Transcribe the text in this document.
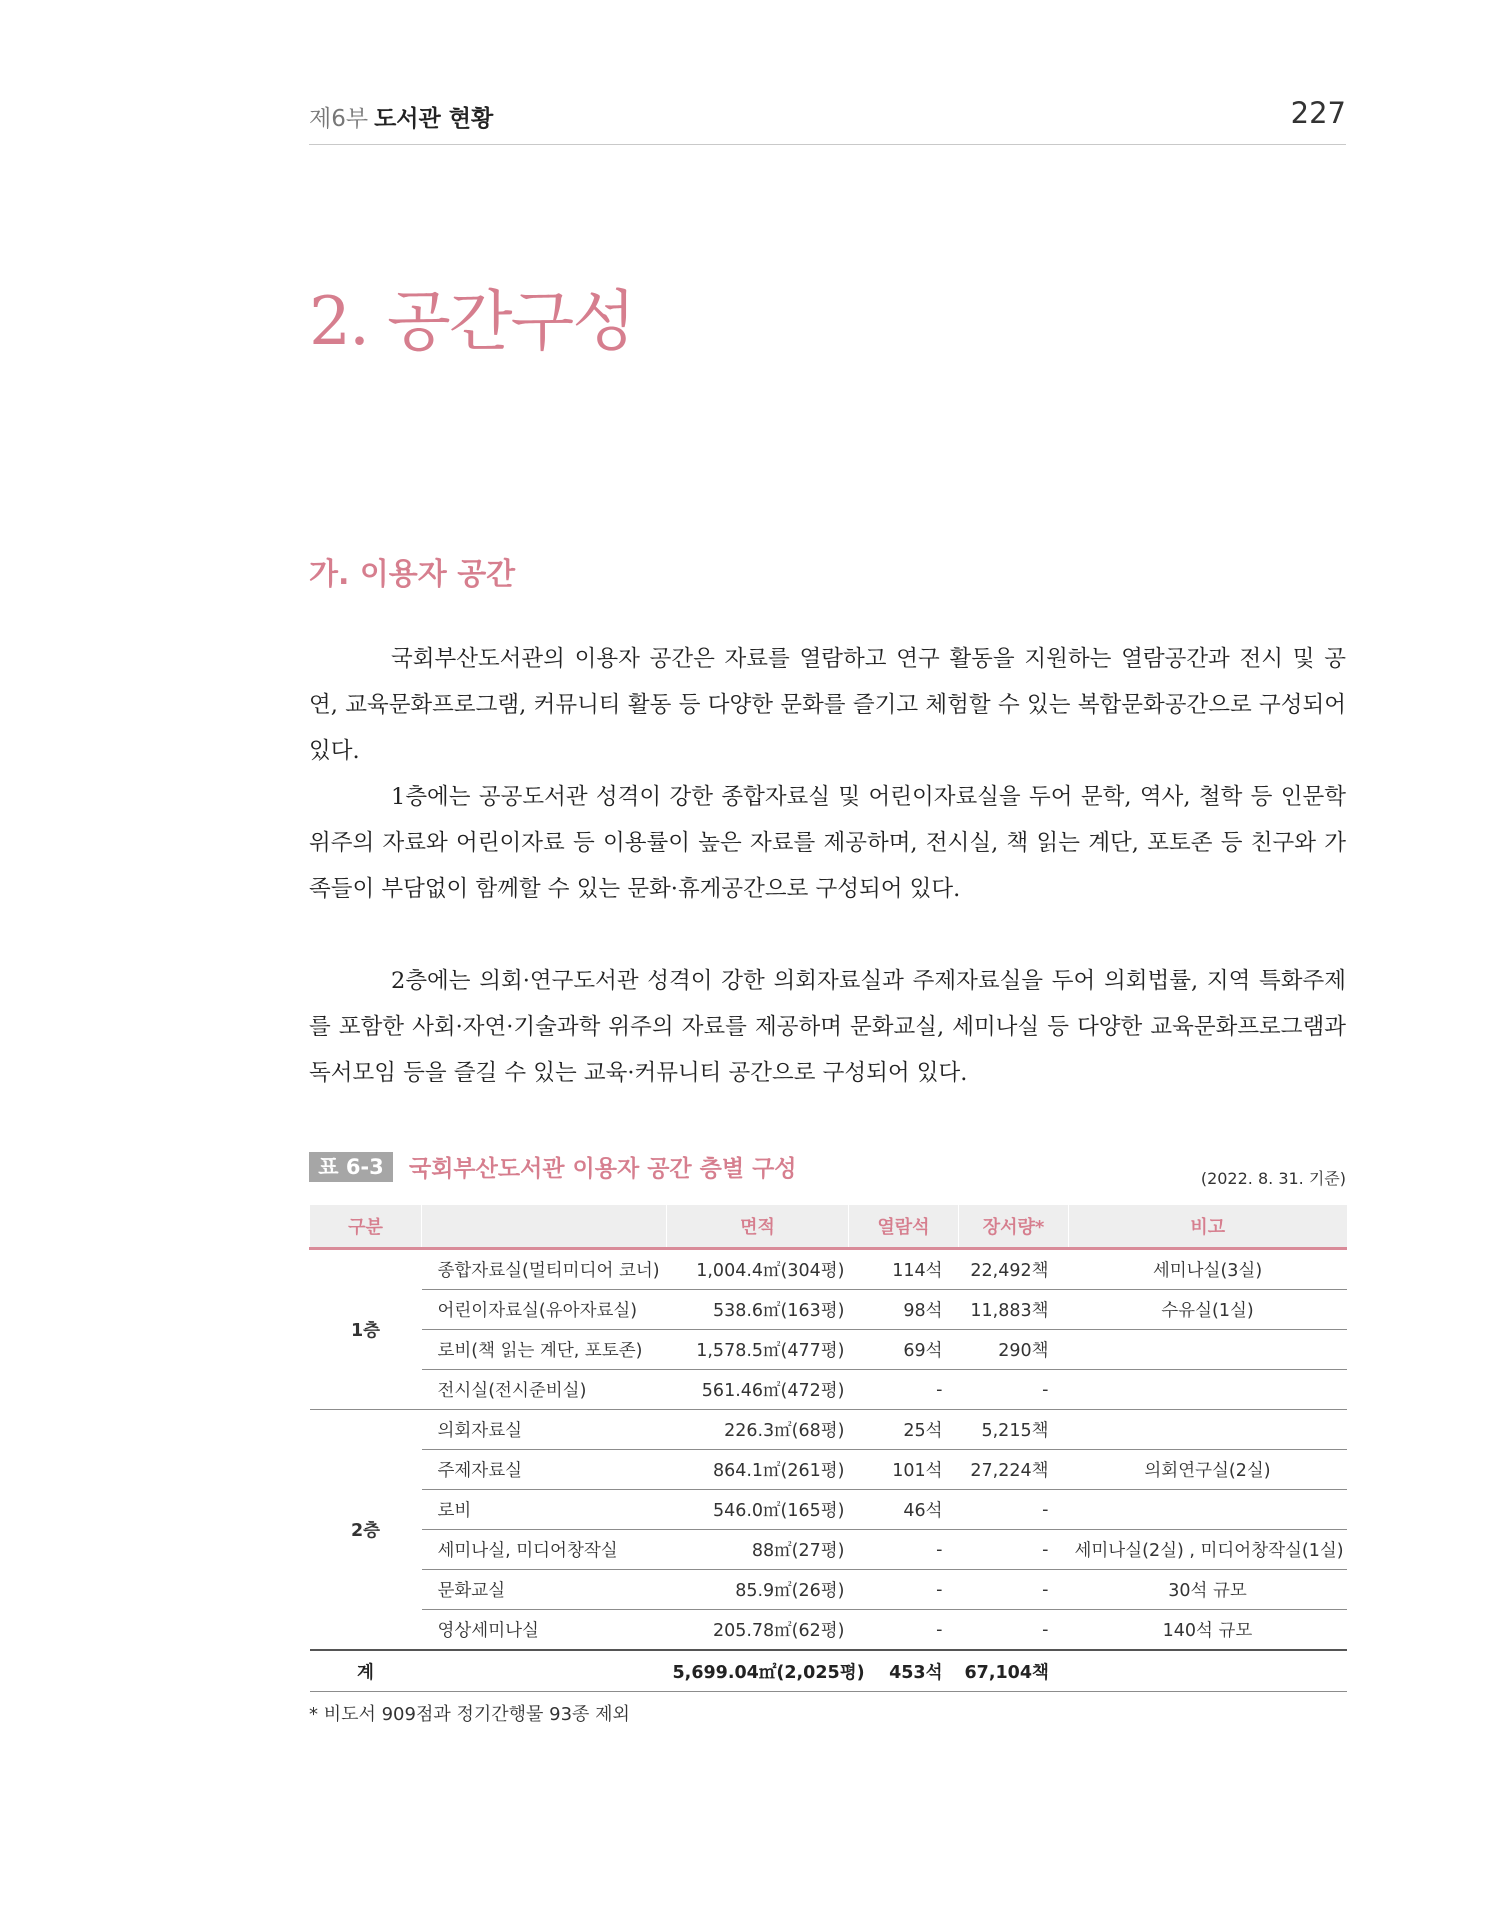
제6부 도서관 현황	227
2. 공간구성
가. 이용자 공간
국회부산도서관의 이용자 공간은 자료를 열람하고 연구 활동을 지원하는 열람공간과 전시 및 공연, 교육문화프로그램, 커뮤니티 활동 등 다양한 문화를 즐기고 체험할 수 있는 복합문화공간으로 구성되어 있다.
1층에는 공공도서관 성격이 강한 종합자료실 및 어린이자료실을 두어 문학, 역사, 철학 등 인문학 위주의 자료와 어린이자료 등 이용률이 높은 자료를 제공하며, 전시실, 책 읽는 계단, 포토존 등 친구와 가족들이 부담없이 함께할 수 있는 문화·휴게공간으로 구성되어 있다.
2층에는 의회·연구도서관 성격이 강한 의회자료실과 주제자료실을 두어 의회법률, 지역 특화주제를 포함한 사회·자연·기술과학 위주의 자료를 제공하며 문화교실, 세미나실 등 다양한 교육문화프로그램과 독서모임 등을 즐길 수 있는 교육·커뮤니티 공간으로 구성되어 있다.
표 6-3	국회부산도서관 이용자 공간 층별 구성	(2022. 8. 31. 기준)
구분		면적	열람석	장서량*	비고
1층	종합자료실(멀티미디어 코너)	1,004.4㎡(304평)	114석	22,492책	세미나실(3실)
	어린이자료실(유아자료실)	538.6㎡(163평)	98석	11,883책	수유실(1실)
	로비(책 읽는 계단, 포토존)	1,578.5㎡(477평)	69석	290책	
	전시실(전시준비실)	561.46㎡(472평)	-	-	
2층	의회자료실	226.3㎡(68평)	25석	5,215책	
	주제자료실	864.1㎡(261평)	101석	27,224책	의회연구실(2실)
	로비	546.0㎡(165평)	46석	-	
	세미나실, 미디어창작실	88㎡(27평)	-	-	세미나실(2실) , 미디어창작실(1실)
	문화교실	85.9㎡(26평)	-	-	30석 규모
	영상세미나실	205.78㎡(62평)	-	-	140석 규모
계		5,699.04㎡(2,025평)	453석	67,104책	
* 비도서 909점과 정기간행물 93종 제외
